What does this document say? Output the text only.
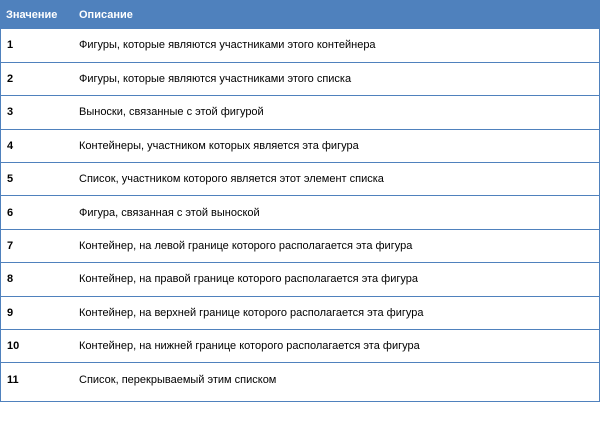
Значение	Описание
1	Фигуры, которые являются участниками этого контейнера
2	Фигуры, которые являются участниками этого списка
3	Выноски, связанные с этой фигурой
4	Контейнеры, участником которых является эта фигура
5	Список, участником которого является этот элемент списка
6	Фигура, связанная с этой выноской
7	Контейнер, на левой границе которого располагается эта фигура
8	Контейнер, на правой границе которого располагается эта фигура
9	Контейнер, на верхней границе которого располагается эта фигура
10	Контейнер, на нижней границе которого располагается эта фигура
11	Список, перекрываемый этим списком
